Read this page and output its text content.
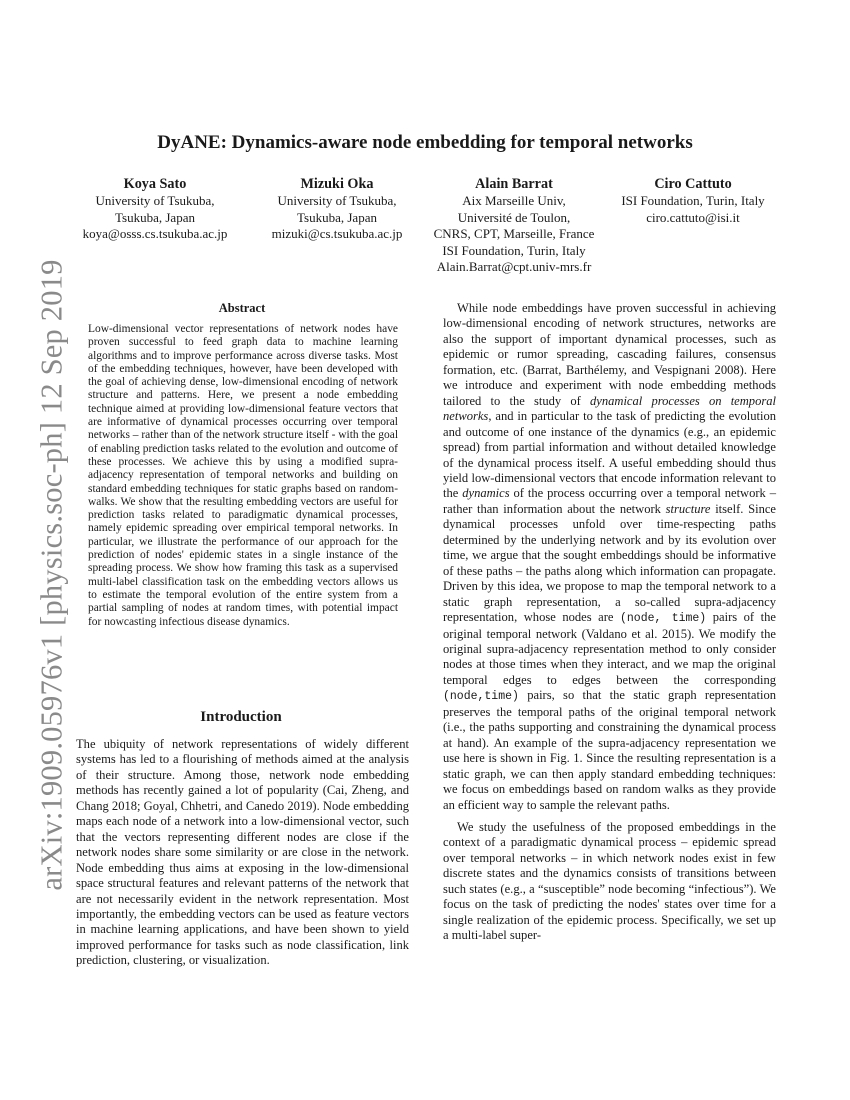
arXiv:1909.05976v1 [physics.soc-ph] 12 Sep 2019
DyANE: Dynamics-aware node embedding for temporal networks
Koya Sato
University of Tsukuba,
Tsukuba, Japan
koya@osss.cs.tsukuba.ac.jp
Mizuki Oka
University of Tsukuba,
Tsukuba, Japan
mizuki@cs.tsukuba.ac.jp
Alain Barrat
Aix Marseille Univ,
Université de Toulon,
CNRS, CPT, Marseille, France
ISI Foundation, Turin, Italy
Alain.Barrat@cpt.univ-mrs.fr
Ciro Cattuto
ISI Foundation, Turin, Italy
ciro.cattuto@isi.it
Abstract

Low-dimensional vector representations of network nodes have proven successful to feed graph data to machine learning algorithms and to improve performance across diverse tasks. Most of the embedding techniques, however, have been developed with the goal of achieving dense, low-dimensional encoding of network structure and patterns. Here, we present a node embedding technique aimed at providing low-dimensional feature vectors that are informative of dynamical processes occurring over temporal networks – rather than of the network structure itself - with the goal of enabling prediction tasks related to the evolution and outcome of these processes. We achieve this by using a modified supra-adjacency representation of temporal networks and building on standard embedding techniques for static graphs based on random-walks. We show that the resulting embedding vectors are useful for prediction tasks related to paradigmatic dynamical processes, namely epidemic spreading over empirical temporal networks. In particular, we illustrate the performance of our approach for the prediction of nodes' epidemic states in a single instance of the spreading process. We show how framing this task as a supervised multi-label classification task on the embedding vectors allows us to estimate the temporal evolution of the entire system from a partial sampling of nodes at random times, with potential impact for nowcasting infectious disease dynamics.

Introduction

The ubiquity of network representations of widely different systems has led to a flourishing of methods aimed at the analysis of their structure. Among those, network node embedding methods has recently gained a lot of popularity (Cai, Zheng, and Chang 2018; Goyal, Chhetri, and Canedo 2019). Node embedding maps each node of a network into a low-dimensional vector, such that the vectors representing different nodes are close if the network nodes share some similarity or are close in the network. Node embedding thus aims at exposing in the low-dimensional space structural features and relevant patterns of the network that are not necessarily evident in the network representation. Most importantly, the embedding vectors can be used as feature vectors in machine learning applications, and have been shown to yield improved performance for tasks such as node classification, link prediction, clustering, or visualization.

While node embeddings have proven successful in achieving low-dimensional encoding of network structures, networks are also the support of important dynamical processes, such as epidemic or rumor spreading, cascading failures, consensus formation, etc. (Barrat, Barthélemy, and Vespignani 2008). Here we introduce and experiment with node embedding methods tailored to the study of dynamical processes on temporal networks, and in particular to the task of predicting the evolution and outcome of one instance of the dynamics (e.g., an epidemic spread) from partial information and without detailed knowledge of the dynamical process itself. A useful embedding should thus yield low-dimensional vectors that encode information relevant to the dynamics of the process occurring over a temporal network – rather than information about the network structure itself. Since dynamical processes unfold over time-respecting paths determined by the underlying network and by its evolution over time, we argue that the sought embeddings should be informative of these paths – the paths along which information can propagate. Driven by this idea, we propose to map the temporal network to a static graph representation, a so-called supra-adjacency representation, whose nodes are (node, time) pairs of the original temporal network (Valdano et al. 2015). We modify the original supra-adjacency representation method to only consider nodes at those times when they interact, and we map the original temporal edges to edges between the corresponding (node,time) pairs, so that the static graph representation preserves the temporal paths of the original temporal network (i.e., the paths supporting and constraining the dynamical process at hand). An example of the supra-adjacency representation we use here is shown in Fig. 1. Since the resulting representation is a static graph, we can then apply standard embedding techniques: we focus on embeddings based on random walks as they provide an efficient way to sample the relevant paths.

We study the usefulness of the proposed embeddings in the context of a paradigmatic dynamical process – epidemic spread over temporal networks – in which network nodes exist in few discrete states and the dynamics consists of transitions between such states (e.g., a “susceptible” node becoming “infectious”). We focus on the task of predicting the nodes' states over time for a single realization of the epidemic process. Specifically, we set up a multi-label super-
